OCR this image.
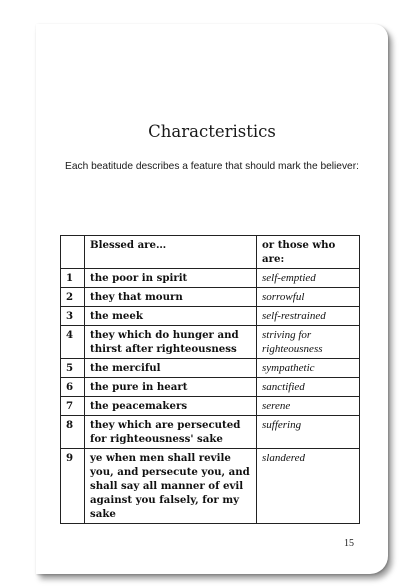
Characteristics

Each beatitude describes a feature that should mark the believer:

	Blessed are…	or those who are:
1	the poor in spirit	self-emptied
2	they that mourn	sorrowful
3	the meek	self-restrained
4	they which do hunger and thirst after righteousness	striving for righteousness
5	the merciful	sympathetic
6	the pure in heart	sanctified
7	the peacemakers	serene
8	they which are persecuted for righteousness' sake	suffering
9	ye when men shall revile you, and persecute you, and shall say all manner of evil against you falsely, for my sake	slandered
15
